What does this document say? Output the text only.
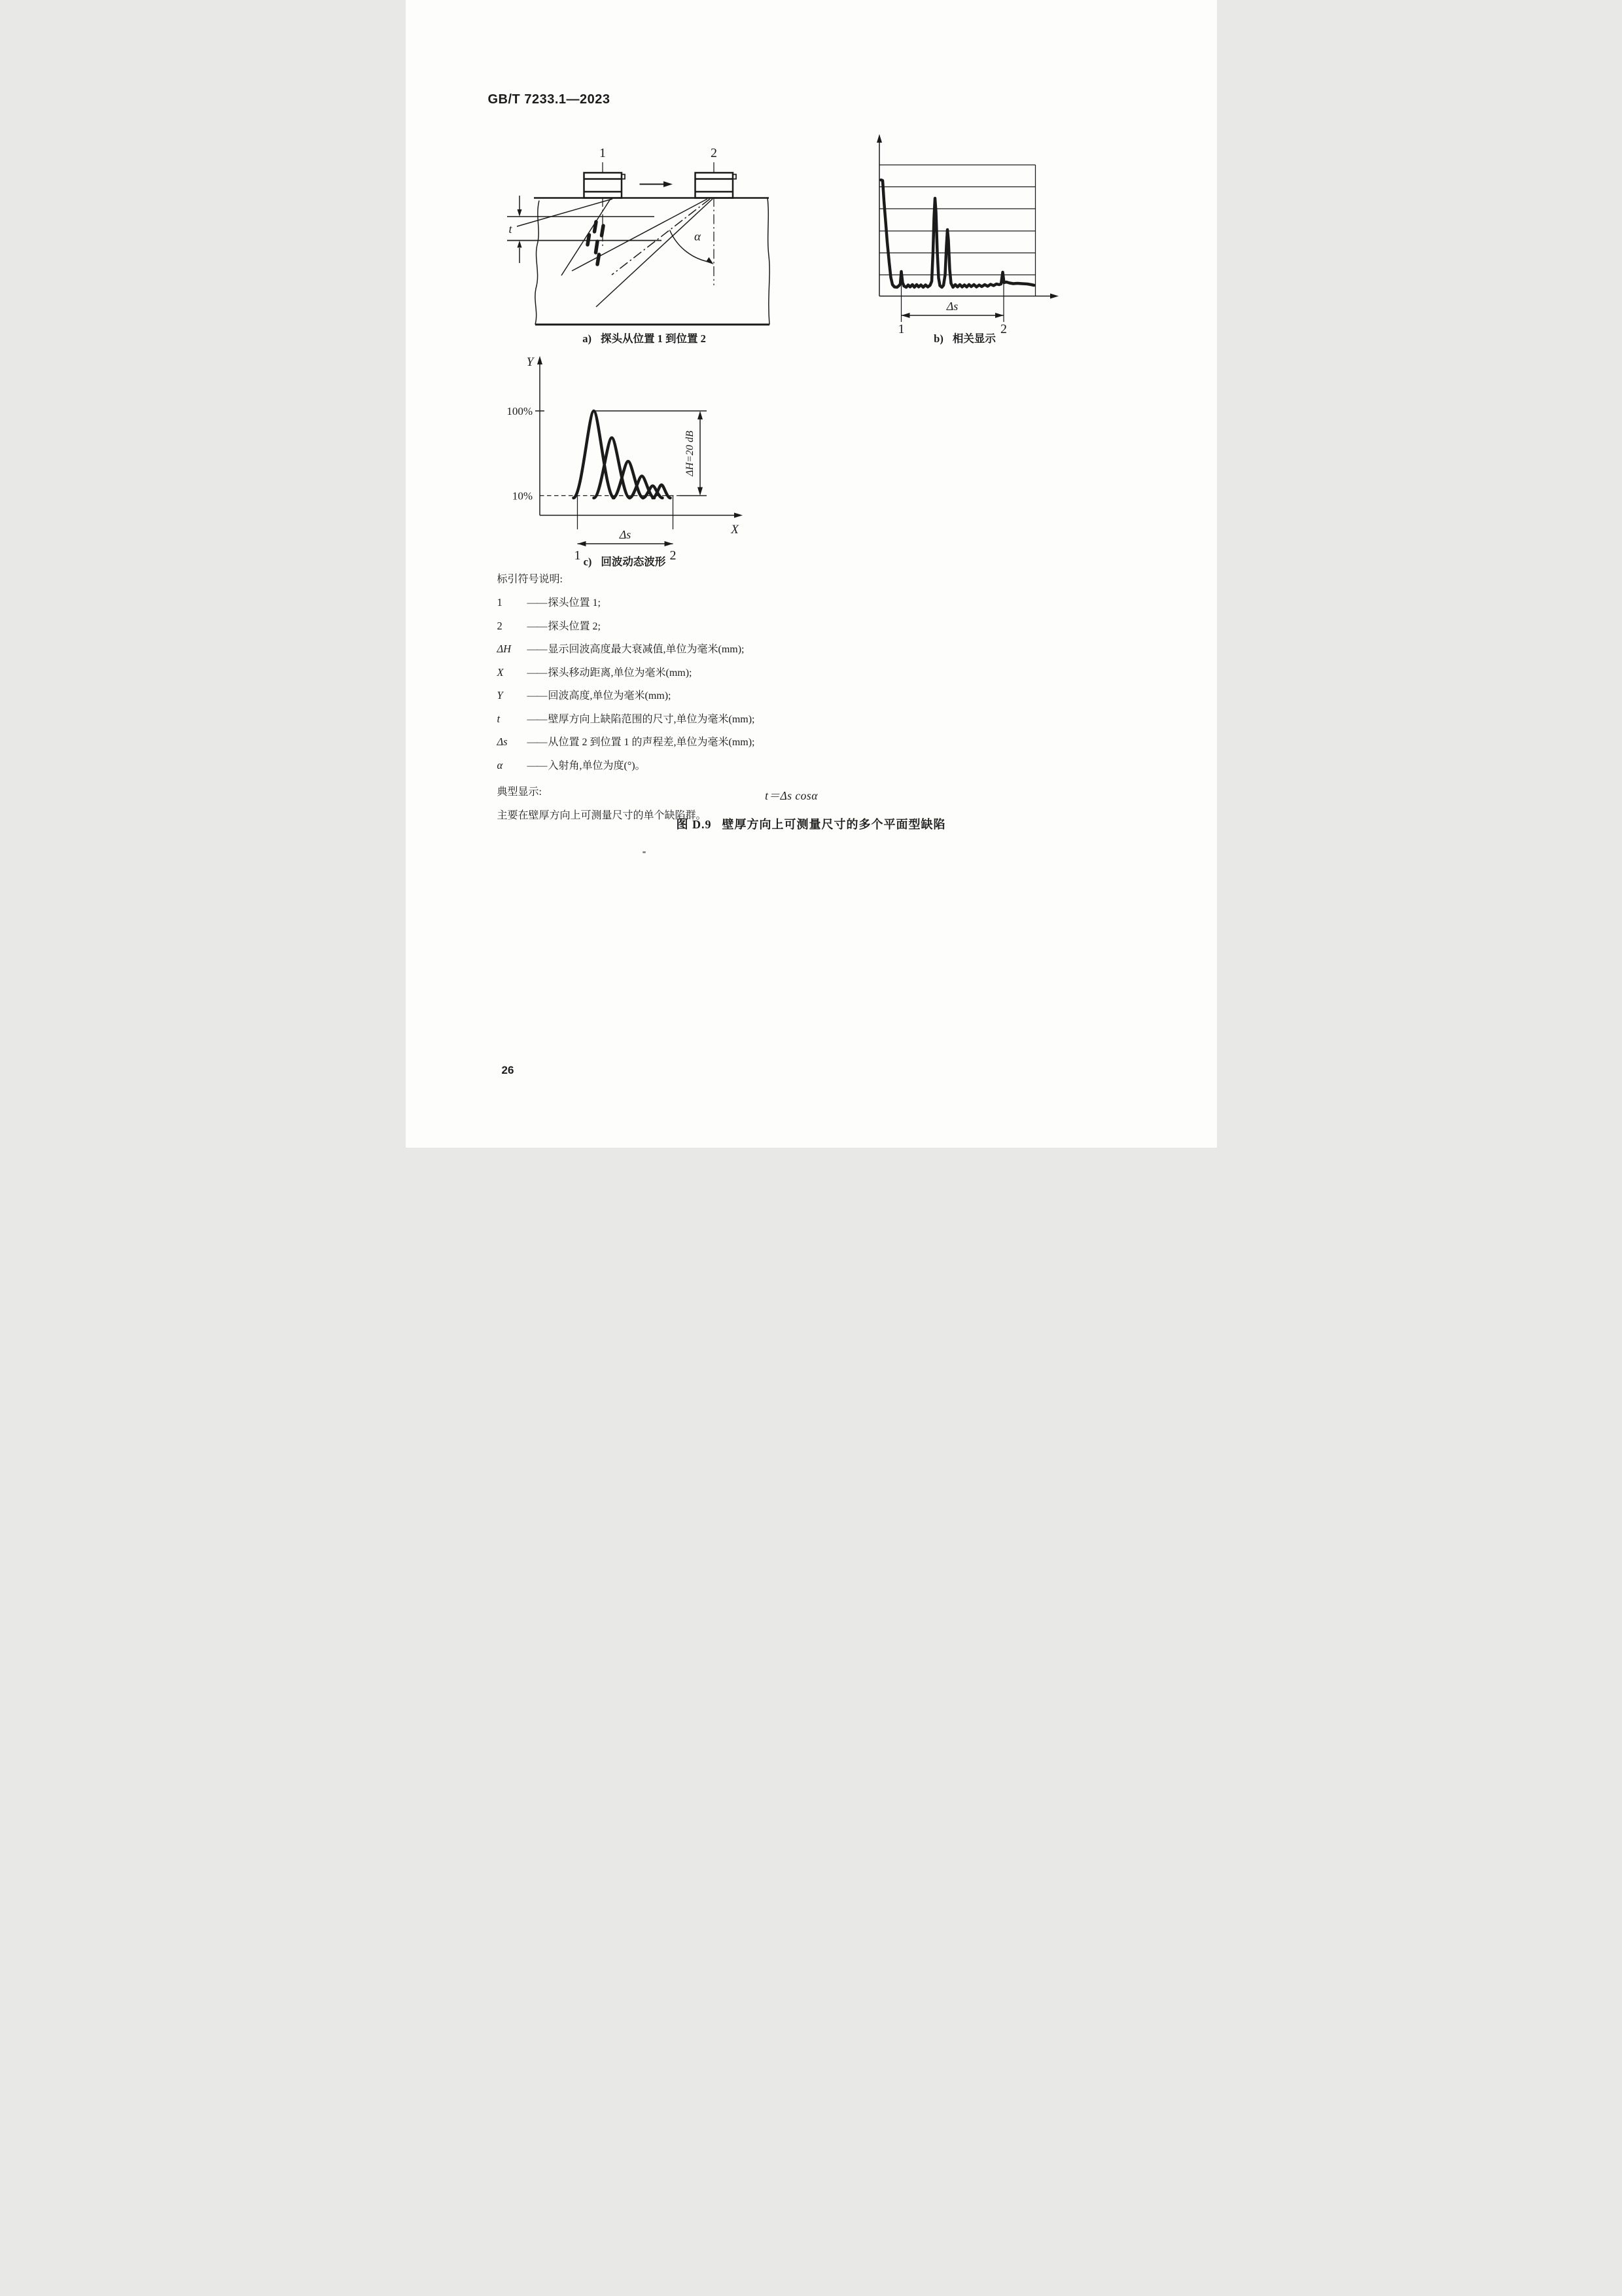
GB/T 7233.1—2023
1	2
t
α
Δs
1	2
a) 探头从位置 1 到位置 2	b) 相关显示
Y
X
100%
10%
ΔH=20 dB
Δs
1	2
c) 回波动态波形

标引符号说明:

1	—— 探头位置 1;
2	—— 探头位置 2;
ΔH	—— 显示回波高度最大衰减值,单位为毫米(mm);
X	—— 探头移动距离,单位为毫米(mm);
Y	—— 回波高度,单位为毫米(mm);
t	—— 壁厚方向上缺陷范围的尺寸,单位为毫米(mm);
Δs	—— 从位置 2 到位置 1 的声程差,单位为毫米(mm);
α	—— 入射角,单位为度(°)。

典型显示:

主要在壁厚方向上可测量尺寸的单个缺陷群。

t＝Δs cosα
图 D.9 壁厚方向上可测量尺寸的多个平面型缺陷
26
